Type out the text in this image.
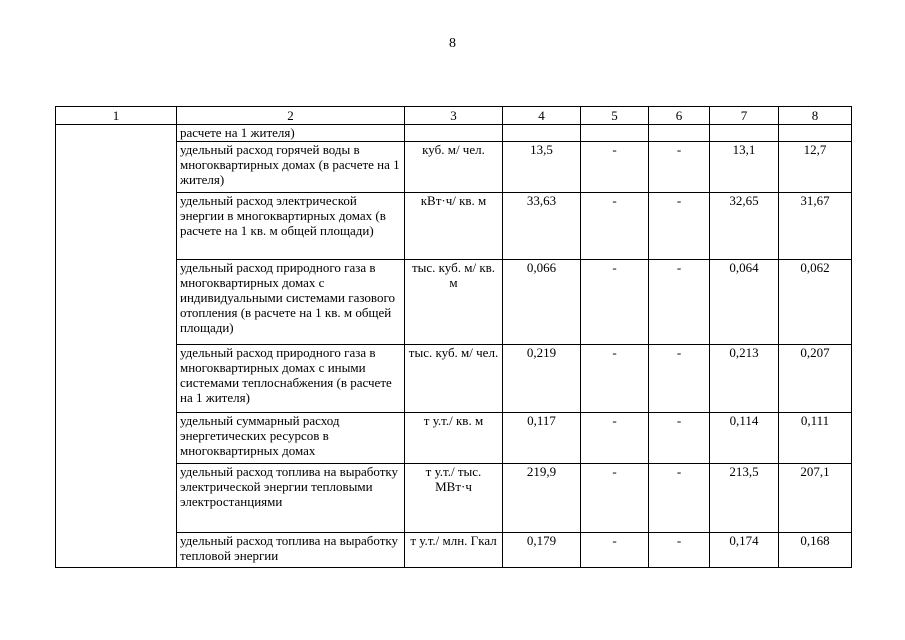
8
1	2	3	4	5	6	7	8
	расчете на 1 жителя)						
	удельный расход горячей воды в многоквартирных домах (в расчете на 1 жителя)	куб. м/ чел.	13,5	-	-	13,1	12,7
	удельный расход электрической энергии в многоквартирных домах (в расчете на 1 кв. м общей площади)	кВт·ч/ кв. м	33,63	-	-	32,65	31,67
	удельный расход природного газа в многоквартирных домах с индивидуальными системами газового отопления (в расчете на 1 кв. м общей площади)	тыс. куб. м/ кв. м	0,066	-	-	0,064	0,062
	удельный расход природного газа в многоквартирных домах с иными системами теплоснабжения (в расчете на 1 жителя)	тыс. куб. м/ чел.	0,219	-	-	0,213	0,207
	удельный суммарный расход энергетических ресурсов в многоквартирных домах	т у.т./ кв. м	0,117	-	-	0,114	0,111
	удельный расход топлива на выработку электрической энергии тепловыми электростанциями	т у.т./ тыс. МВт·ч	219,9	-	-	213,5	207,1
	удельный расход топлива на выработку тепловой энергии	т у.т./ млн. Гкал	0,179	-	-	0,174	0,168
